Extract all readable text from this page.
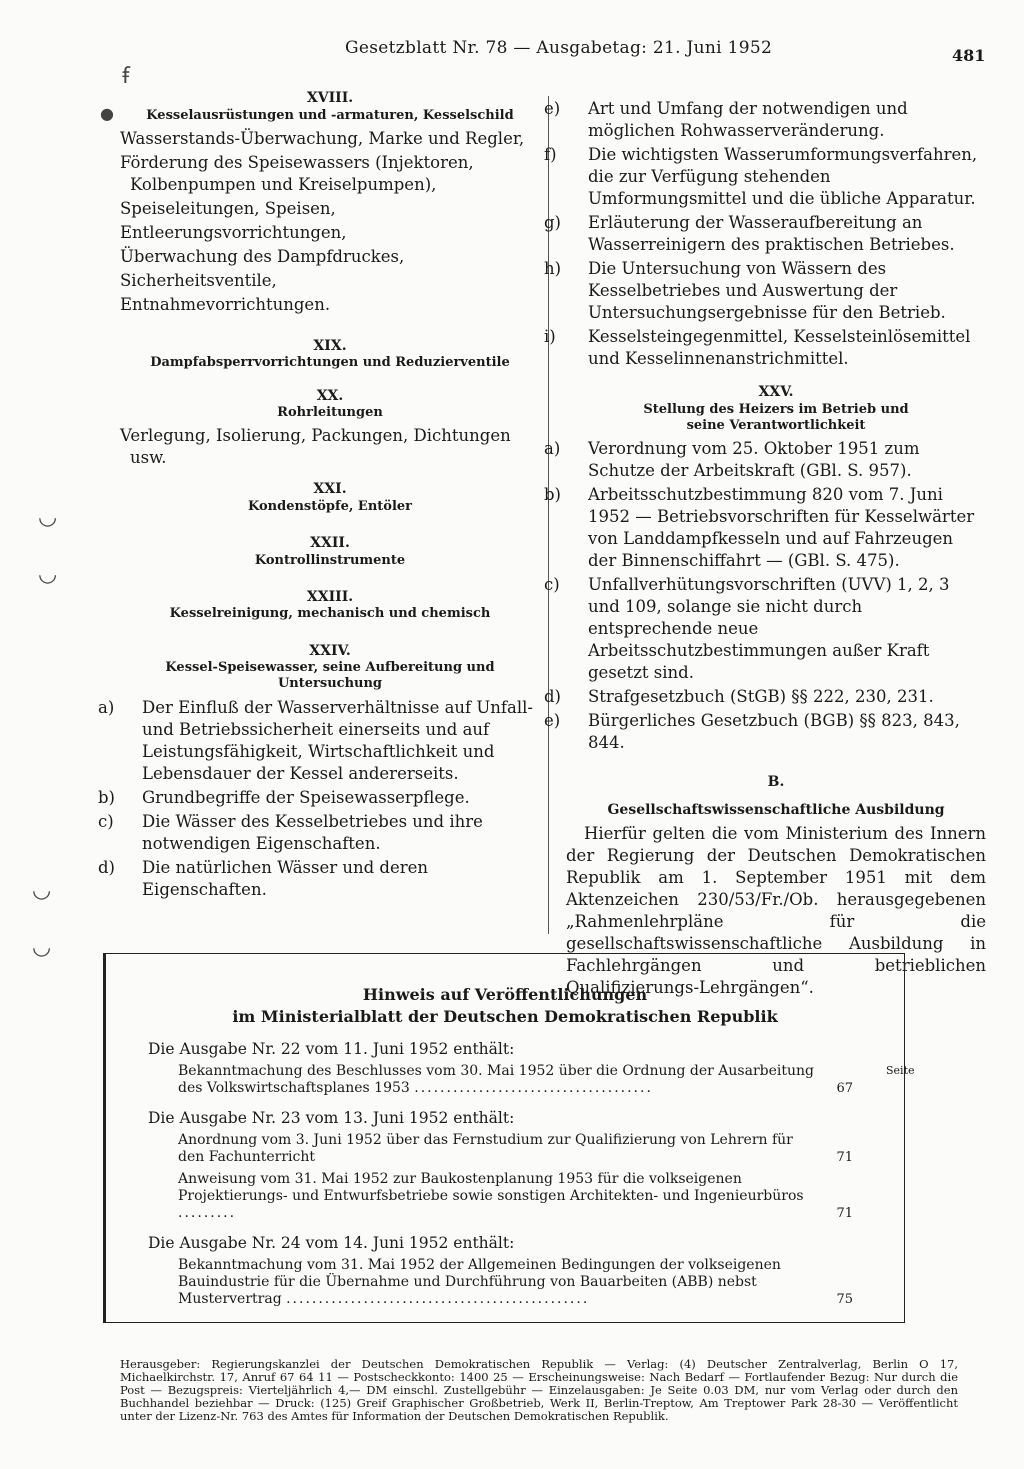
Gesetzblatt Nr. 78 — Ausgabetag: 21. Juni 1952	481
ꞙ
●
◡
◡
◡
◡
XVIII.
Kesselausrüstungen und -armaturen, Kesselschild
Wasserstands-Überwachung, Marke und Regler,
Förderung des Speisewassers (Injektoren, Kolbenpumpen und Kreiselpumpen),
Speiseleitungen, Speisen,
Entleerungsvorrichtungen,
Überwachung des Dampfdruckes,
Sicherheitsventile,
Entnahmevorrichtungen.
XIX.
Dampfabsperrvorrichtungen und Reduzierventile
XX.
Rohrleitungen
Verlegung, Isolierung, Packungen, Dichtungen usw.
XXI.
Kondenstöpfe, Entöler
XXII.
Kontrollinstrumente
XXIII.
Kesselreinigung, mechanisch und chemisch
XXIV.
Kessel-Speisewasser, seine Aufbereitung und Untersuchung
a) Der Einfluß der Wasserverhältnisse auf Unfall- und Betriebssicherheit einerseits und auf Leistungsfähigkeit, Wirtschaftlichkeit und Lebensdauer der Kessel andererseits.
b) Grundbegriffe der Speisewasserpflege.
c) Die Wässer des Kesselbetriebes und ihre notwendigen Eigenschaften.
d) Die natürlichen Wässer und deren Eigenschaften.
e) Art und Umfang der notwendigen und möglichen Rohwasserveränderung.
f) Die wichtigsten Wasserumformungsverfahren, die zur Verfügung stehenden Umformungsmittel und die übliche Apparatur.
g) Erläuterung der Wasseraufbereitung an Wasserreinigern des praktischen Betriebes.
h) Die Untersuchung von Wässern des Kesselbetriebes und Auswertung der Untersuchungsergebnisse für den Betrieb.
i) Kesselsteingegenmittel, Kesselsteinlösemittel und Kesselinnenanstrichmittel.
XXV.
Stellung des Heizers im Betrieb und seine Verantwortlichkeit
a) Verordnung vom 25. Oktober 1951 zum Schutze der Arbeitskraft (GBl. S. 957).
b) Arbeitsschutzbestimmung 820 vom 7. Juni 1952 — Betriebsvorschriften für Kesselwärter von Landdampfkesseln und auf Fahrzeugen der Binnenschiffahrt — (GBl. S. 475).
c) Unfallverhütungsvorschriften (UVV) 1, 2, 3 und 109, solange sie nicht durch entsprechende neue Arbeitsschutzbestimmungen außer Kraft gesetzt sind.
d) Strafgesetzbuch (StGB) §§ 222, 230, 231.
e) Bürgerliches Gesetzbuch (BGB) §§ 823, 843, 844.
B.
Gesellschaftswissenschaftliche Ausbildung

Hierfür gelten die vom Ministerium des Innern der Regierung der Deutschen Demokratischen Republik am 1. September 1951 mit dem Aktenzeichen 230/53/Fr./Ob. herausgegebenen „Rahmenlehrpläne für die gesellschaftswissenschaftliche Ausbildung in Fachlehrgängen und betrieblichen Qualifizierungs-Lehrgängen“.

Hinweis auf Veröffentlichungen
im Ministerialblatt der Deutschen Demokratischen Republik
Seite
Die Ausgabe Nr. 22 vom 11. Juni 1952 enthält:
Bekanntmachung des Beschlusses vom 30. Mai 1952 über die Ordnung der Ausarbeitung des Volkswirtschaftsplanes 1953 .....................................	67
Die Ausgabe Nr. 23 vom 13. Juni 1952 enthält:
Anordnung vom 3. Juni 1952 über das Fernstudium zur Qualifizierung von Lehrern für den Fachunterricht	71
Anweisung vom 31. Mai 1952 zur Baukostenplanung 1953 für die volkseigenen Projektierungs- und Entwurfsbetriebe sowie sonstigen Architekten- und Ingenieurbüros .........	71
Die Ausgabe Nr. 24 vom 14. Juni 1952 enthält:
Bekanntmachung vom 31. Mai 1952 der Allgemeinen Bedingungen der volkseigenen Bauindustrie für die Übernahme und Durchführung von Bauarbeiten (ABB) nebst Mustervertrag ...............................................	75
Herausgeber: Regierungskanzlei der Deutschen Demokratischen Republik — Verlag: (4) Deutscher Zentralverlag, Berlin O 17, Michaelkirchstr. 17, Anruf 67 64 11 — Postscheckkonto: 1400 25 — Erscheinungsweise: Nach Bedarf — Fortlaufender Bezug: Nur durch die Post — Bezugspreis: Vierteljährlich 4,— DM einschl. Zustellgebühr — Einzelausgaben: Je Seite 0.03 DM, nur vom Verlag oder durch den Buchhandel beziehbar — Druck: (125) Greif Graphischer Großbetrieb, Werk II, Berlin-Treptow, Am Treptower Park 28-30 — Veröffentlicht unter der Lizenz-Nr. 763 des Amtes für Information der Deutschen Demokratischen Republik.
